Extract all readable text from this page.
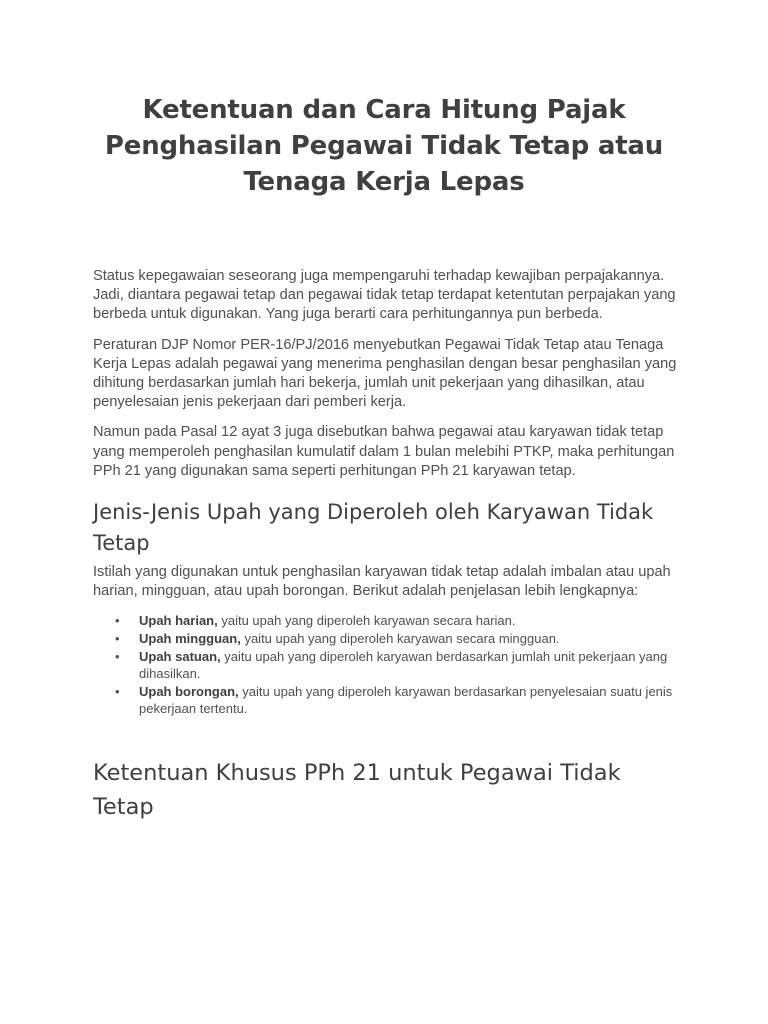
Ketentuan dan Cara Hitung Pajak Penghasilan Pegawai Tidak Tetap atau Tenaga Kerja Lepas

Status kepegawaian seseorang juga mempengaruhi terhadap kewajiban perpajakannya. Jadi, diantara pegawai tetap dan pegawai tidak tetap terdapat ketentutan perpajakan yang berbeda untuk digunakan. Yang juga berarti cara perhitungannya pun berbeda.

Peraturan DJP Nomor PER-16/PJ/2016 menyebutkan Pegawai Tidak Tetap atau Tenaga Kerja Lepas adalah pegawai yang menerima penghasilan dengan besar penghasilan yang dihitung berdasarkan jumlah hari bekerja, jumlah unit pekerjaan yang dihasilkan, atau penyelesaian jenis pekerjaan dari pemberi kerja.

Namun pada Pasal 12 ayat 3 juga disebutkan bahwa pegawai atau karyawan tidak tetap yang memperoleh penghasilan kumulatif dalam 1 bulan melebihi PTKP, maka perhitungan PPh 21 yang digunakan sama seperti perhitungan PPh 21 karyawan tetap.

Jenis-Jenis Upah yang Diperoleh oleh Karyawan Tidak Tetap

Istilah yang digunakan untuk penghasilan karyawan tidak tetap adalah imbalan atau upah harian, mingguan, atau upah borongan. Berikut adalah penjelasan lebih lengkapnya:

• Upah harian, yaitu upah yang diperoleh karyawan secara harian.
• Upah mingguan, yaitu upah yang diperoleh karyawan secara mingguan.
• Upah satuan, yaitu upah yang diperoleh karyawan berdasarkan jumlah unit pekerjaan yang dihasilkan.
• Upah borongan, yaitu upah yang diperoleh karyawan berdasarkan penyelesaian suatu jenis pekerjaan tertentu.
Ketentuan Khusus PPh 21 untuk Pegawai Tidak Tetap
